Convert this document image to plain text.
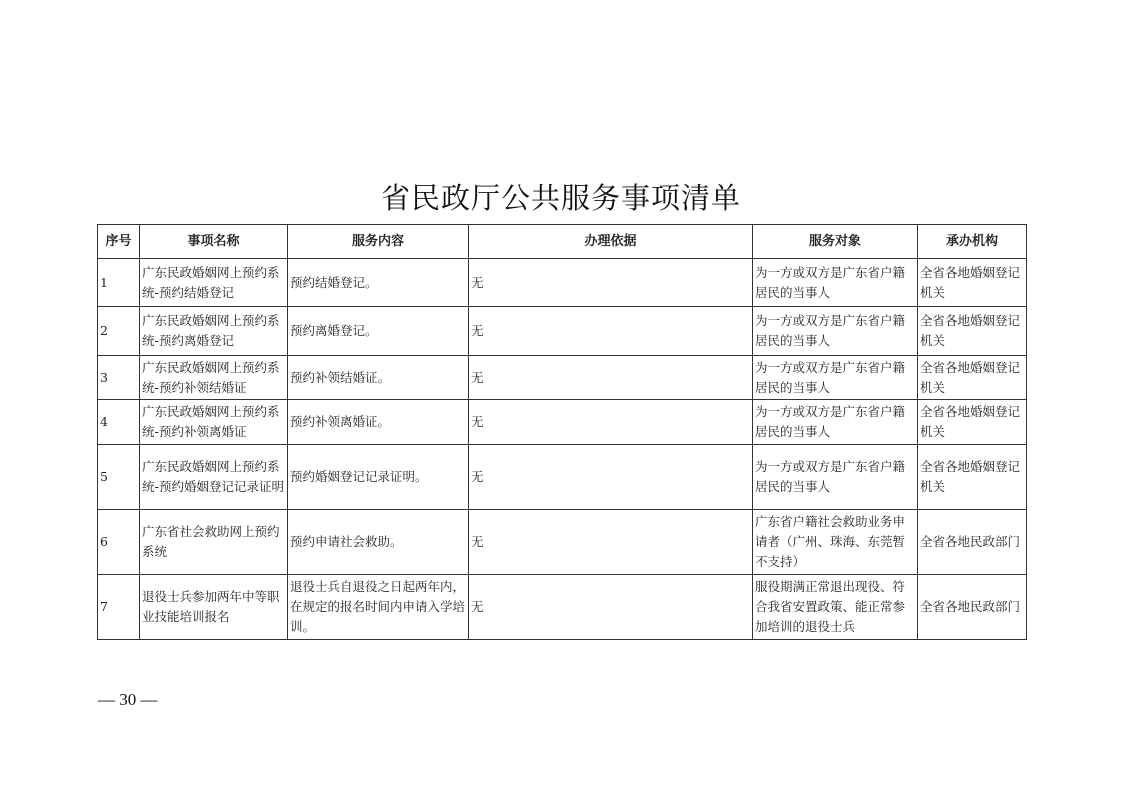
省民政厅公共服务事项清单
序号	事项名称	服务内容	办理依据	服务对象	承办机构
1	广东民政婚姻网上预约系统-预约结婚登记	预约结婚登记。	无	为一方或双方是广东省户籍居民的当事人	全省各地婚姻登记机关
2	广东民政婚姻网上预约系统-预约离婚登记	预约离婚登记。	无	为一方或双方是广东省户籍居民的当事人	全省各地婚姻登记机关
3	广东民政婚姻网上预约系统-预约补领结婚证	预约补领结婚证。	无	为一方或双方是广东省户籍居民的当事人	全省各地婚姻登记机关
4	广东民政婚姻网上预约系统-预约补领离婚证	预约补领离婚证。	无	为一方或双方是广东省户籍居民的当事人	全省各地婚姻登记机关
5	广东民政婚姻网上预约系统-预约婚姻登记记录证明	预约婚姻登记记录证明。	无	为一方或双方是广东省户籍居民的当事人	全省各地婚姻登记机关
6	广东省社会救助网上预约系统	预约申请社会救助。	无	广东省户籍社会救助业务申请者（广州、珠海、东莞暂不支持）	全省各地民政部门
7	退役士兵参加两年中等职业技能培训报名	退役士兵自退役之日起两年内，在规定的报名时间内申请入学培训。	无	服役期满正常退出现役、符合我省安置政策、能正常参加培训的退役士兵	全省各地民政部门
— 30 —
